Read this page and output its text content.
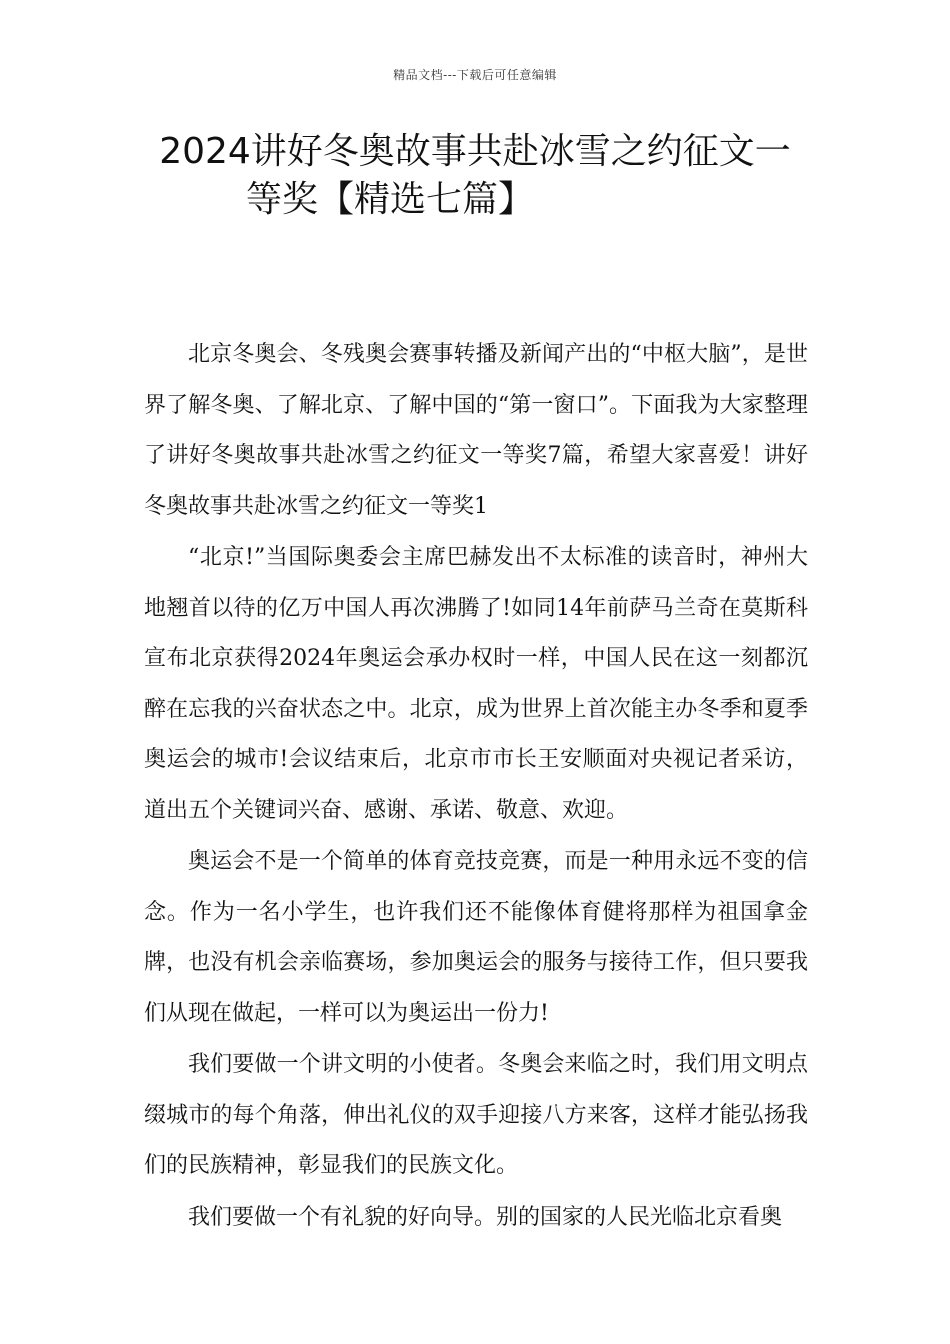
精品文档---下载后可任意编辑
2024讲好冬奥故事共赴冰雪之约征文一
等奖【精选七篇】

北京冬奥会、冬残奥会赛事转播及新闻产出的“中枢大脑”，是世界了解冬奥、了解北京、了解中国的“第一窗口”。下面我为大家整理了讲好冬奥故事共赴冰雪之约征文一等奖7篇，希望大家喜爱！讲好冬奥故事共赴冰雪之约征文一等奖1

“北京!”当国际奥委会主席巴赫发出不太标准的读音时，神州大地翘首以待的亿万中国人再次沸腾了!如同14年前萨马兰奇在莫斯科宣布北京获得2024年奥运会承办权时一样，中国人民在这一刻都沉醉在忘我的兴奋状态之中。北京，成为世界上首次能主办冬季和夏季奥运会的城市!会议结束后，北京市市长王安顺面对央视记者采访，道出五个关键词兴奋、感谢、承诺、敬意、欢迎。

奥运会不是一个简单的体育竞技竞赛，而是一种用永远不变的信念。作为一名小学生，也许我们还不能像体育健将那样为祖国拿金牌，也没有机会亲临赛场，参加奥运会的服务与接待工作，但只要我们从现在做起，一样可以为奥运出一份力!

我们要做一个讲文明的小使者。冬奥会来临之时，我们用文明点缀城市的每个角落，伸出礼仪的双手迎接八方来客，这样才能弘扬我们的民族精神，彰显我们的民族文化。

我们要做一个有礼貌的好向导。别的国家的人民光临北京看奥
